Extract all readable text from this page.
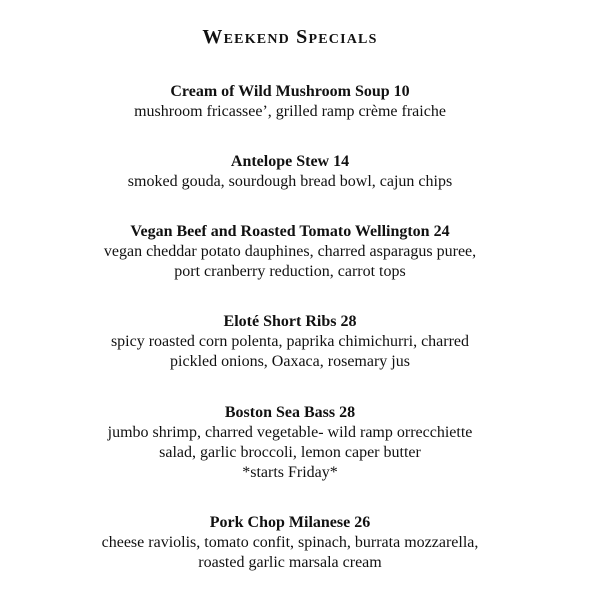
Weekend Specials
Cream of Wild Mushroom Soup 10
mushroom fricassee’, grilled ramp crème fraiche
Antelope Stew 14
smoked gouda, sourdough bread bowl, cajun chips
Vegan Beef and Roasted Tomato Wellington 24
vegan cheddar potato dauphines, charred asparagus puree,
port cranberry reduction, carrot tops
Eloté Short Ribs 28
spicy roasted corn polenta, paprika chimichurri, charred
pickled onions, Oaxaca, rosemary jus
Boston Sea Bass 28
jumbo shrimp, charred vegetable- wild ramp orrecchiette
salad, garlic broccoli, lemon caper butter
*starts Friday*
Pork Chop Milanese 26
cheese raviolis, tomato confit, spinach, burrata mozzarella,
roasted garlic marsala cream
